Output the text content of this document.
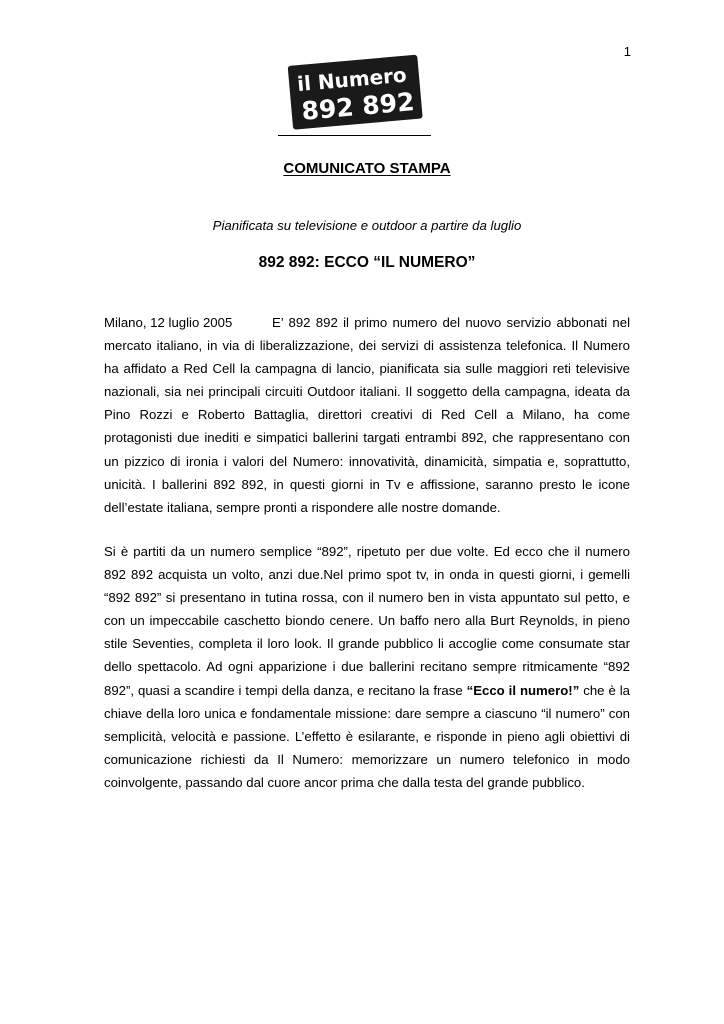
1
il Numero
892 892
COMUNICATO STAMPA
Pianificata su televisione e outdoor a partire da luglio
892 892: ECCO “IL NUMERO”
Milano, 12 luglio 2005	E’ 892 892 il primo numero del nuovo servizio abbonati nel mercato italiano, in via di liberalizzazione, dei servizi di assistenza telefonica. Il Numero ha affidato a Red Cell la campagna di lancio, pianificata sia sulle maggiori reti televisive nazionali, sia nei principali circuiti Outdoor italiani. Il soggetto della campagna, ideata da Pino Rozzi e Roberto Battaglia, direttori creativi di Red Cell a Milano, ha come protagonisti due inediti e simpatici ballerini targati entrambi 892, che rappresentano con un pizzico di ironia i valori del Numero: innovatività, dinamicità, simpatia e, soprattutto, unicità. I ballerini 892 892, in questi giorni in Tv e affissione, saranno presto le icone dell’estate italiana, sempre pronti a rispondere alle nostre domande.
Si è partiti da un numero semplice “892”, ripetuto per due volte. Ed ecco che il numero 892 892 acquista un volto, anzi due.Nel primo spot tv, in onda in questi giorni, i gemelli “892 892” si presentano in tutina rossa, con il numero ben in vista appuntato sul petto, e con un impeccabile caschetto biondo cenere. Un baffo nero alla Burt Reynolds, in pieno stile Seventies, completa il loro look. Il grande pubblico li accoglie come consumate star dello spettacolo. Ad ogni apparizione i due ballerini recitano sempre ritmicamente “892 892”, quasi a scandire i tempi della danza, e recitano la frase “Ecco il numero!” che è la chiave della loro unica e fondamentale missione: dare sempre a ciascuno “il numero” con semplicità, velocità e passione. L’effetto è esilarante, e risponde in pieno agli obiettivi di comunicazione richiesti da Il Numero: memorizzare un numero telefonico in modo coinvolgente, passando dal cuore ancor prima che dalla testa del grande pubblico.
